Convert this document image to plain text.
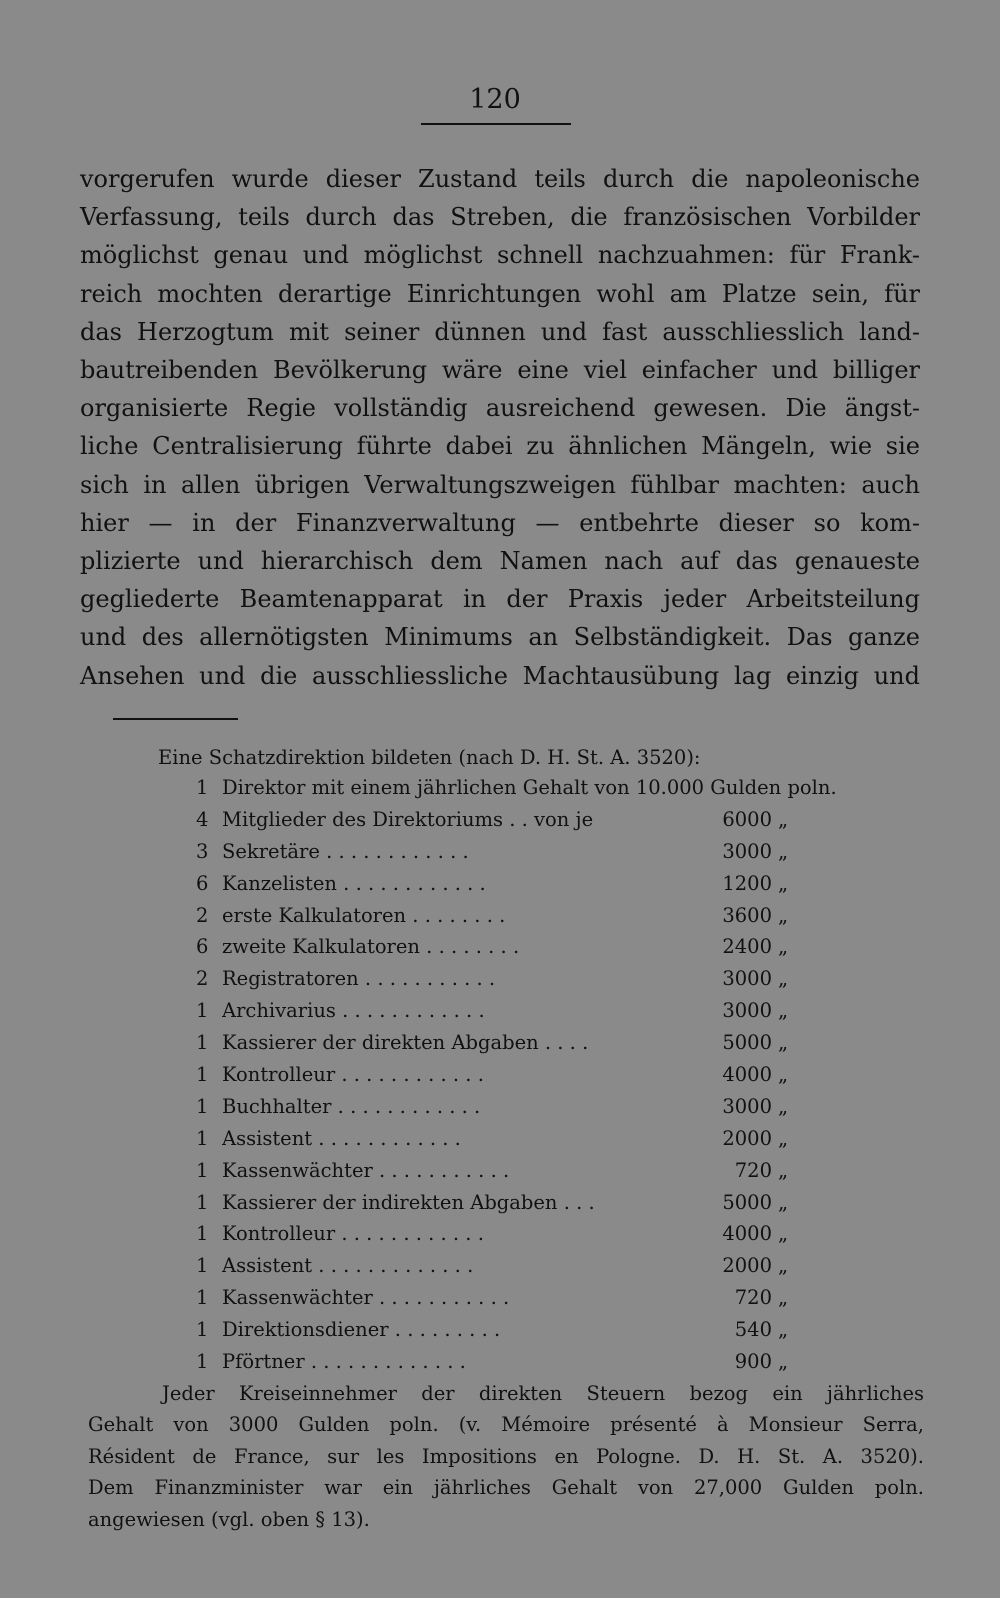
120
vorgerufen wurde dieser Zustand teils durch die napoleonische
Verfassung, teils durch das Streben, die französischen Vorbilder
möglichst genau und möglichst schnell nachzuahmen: für Frank-
reich mochten derartige Einrichtungen wohl am Platze sein, für
das Herzogtum mit seiner dünnen und fast ausschliesslich land-
bautreibenden Bevölkerung wäre eine viel einfacher und billiger
organisierte Regie vollständig ausreichend gewesen. Die ängst-
liche Centralisierung führte dabei zu ähnlichen Mängeln, wie sie
sich in allen übrigen Verwaltungszweigen fühlbar machten: auch
hier — in der Finanzverwaltung — entbehrte dieser so kom-
plizierte und hierarchisch dem Namen nach auf das genaueste
gegliederte Beamtenapparat in der Praxis jeder Arbeitsteilung
und des allernötigsten Minimums an Selbständigkeit. Das ganze
Ansehen und die ausschliessliche Machtausübung lag einzig und
Eine Schatzdirektion bildeten (nach D. H. St. A. 3520):
1 Direktor mit einem jährlichen Gehalt von 10.000 Gulden poln.
4 Mitglieder des Direktoriums . . von je	6000 „
3 Sekretäre . . . . . . . . . . . .	3000 „
6 Kanzelisten . . . . . . . . . . . .	1200 „
2 erste Kalkulatoren . . . . . . . .	3600 „
6 zweite Kalkulatoren . . . . . . . .	2400 „
2 Registratoren . . . . . . . . . . .	3000 „
1 Archivarius . . . . . . . . . . . .	3000 „
1 Kassierer der direkten Abgaben . . . .	5000 „
1 Kontrolleur . . . . . . . . . . . .	4000 „
1 Buchhalter . . . . . . . . . . . .	3000 „
1 Assistent . . . . . . . . . . . .	2000 „
1 Kassenwächter . . . . . . . . . . .	720 „
1 Kassierer der indirekten Abgaben . . .	5000 „
1 Kontrolleur . . . . . . . . . . . .	4000 „
1 Assistent . . . . . . . . . . . . .	2000 „
1 Kassenwächter . . . . . . . . . . .	720 „
1 Direktionsdiener . . . . . . . . .	540 „
1 Pförtner . . . . . . . . . . . . .	900 „
Jeder Kreiseinnehmer der direkten Steuern bezog ein jährliches
Gehalt von 3000 Gulden poln. (v. Mémoire présenté à Monsieur Serra,
Résident de France, sur les Impositions en Pologne. D. H. St. A. 3520).
Dem Finanzminister war ein jährliches Gehalt von 27,000 Gulden poln.
angewiesen (vgl. oben § 13).
